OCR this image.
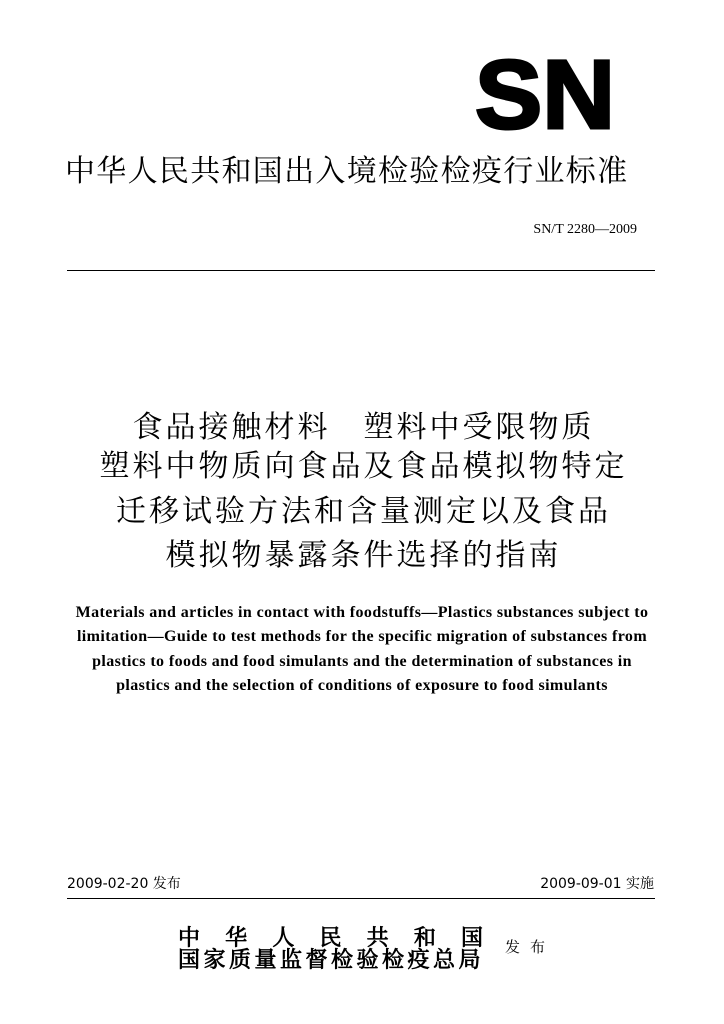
SN
中华人民共和国出入境检验检疫行业标准
SN/T 2280—2009
食品接触材料　塑料中受限物质
塑料中物质向食品及食品模拟物特定
迁移试验方法和含量测定以及食品
模拟物暴露条件选择的指南
Materials and articles in contact with foodstuffs—Plastics substances subject to
limitation—Guide to test methods for the specific migration of substances from
plastics to foods and food simulants and the determination of substances in
plastics and the selection of conditions of exposure to food simulants
2009-02-20 发布	2009-09-01 实施
中 华 人 民 共 和 国
国家质量监督检验检疫总局 发 布
